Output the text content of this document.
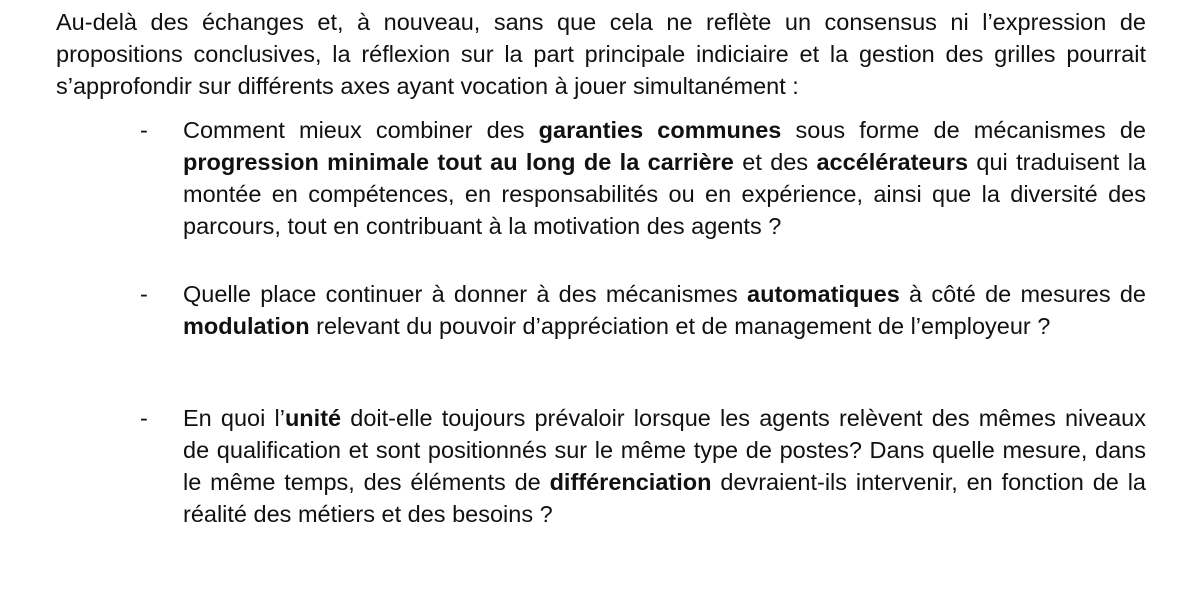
Au-delà des échanges et, à nouveau, sans que cela ne reflète un consensus ni l’expression de propositions conclusives, la réflexion sur la part principale indiciaire et la gestion des grilles pourrait s’approfondir sur différents axes ayant vocation à jouer simultanément :

- Comment mieux combiner des garanties communes sous forme de mécanismes de progression minimale tout au long de la carrière et des accélérateurs qui traduisent la montée en compétences, en responsabilités ou en expérience, ainsi que la diversité des parcours, tout en contribuant à la motivation des agents ?
- Quelle place continuer à donner à des mécanismes automatiques à côté de mesures de modulation relevant du pouvoir d’appréciation et de management de l’employeur ?
- En quoi l’unité doit-elle toujours prévaloir lorsque les agents relèvent des mêmes niveaux de qualification et sont positionnés sur le même type de postes? Dans quelle mesure, dans le même temps, des éléments de différenciation devraient-ils intervenir, en fonction de la réalité des métiers et des besoins ?
